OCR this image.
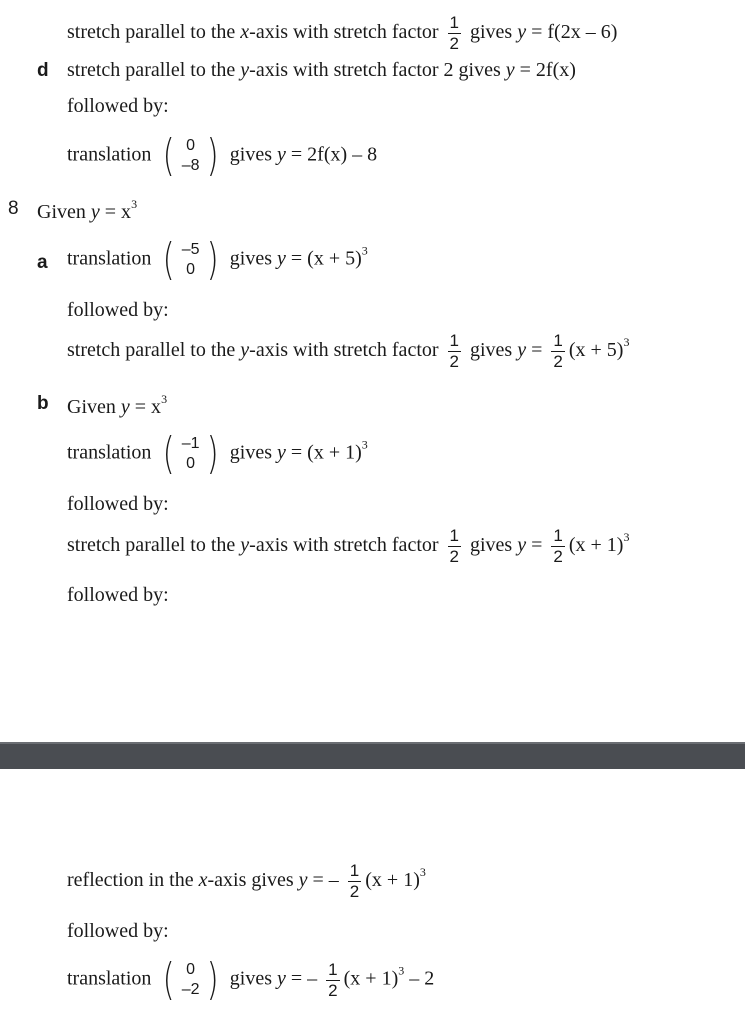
stretch parallel to the x-axis with stretch factor $\frac{1}{2}$ gives y = f(2x – 6)
d stretch parallel to the y-axis with stretch factor 2 gives y = 2f(x)
followed by:
translation ( 0
–8 ) gives y = 2f(x) – 8
8 Given $y = x^3$
a translation ( –5
0 ) gives $y = (x + 5)^3$
followed by:
stretch parallel to the y-axis with stretch factor $\frac{1}{2}$ gives $y = \frac{1}{2} (x + 5)^3$
b Given $y = x^3$
translation ( –1
0 ) gives $y = (x + 1)^3$
followed by:
stretch parallel to the y-axis with stretch factor $\frac{1}{2}$ gives $y = \frac{1}{2} (x + 1)^3$
followed by:
reflection in the x-axis gives y = – $\frac{1}{2} (x + 1)^3$
followed by:
translation ( 0
–2 ) gives y = – $\frac{1}{2} (x + 1)^3 - 2$
